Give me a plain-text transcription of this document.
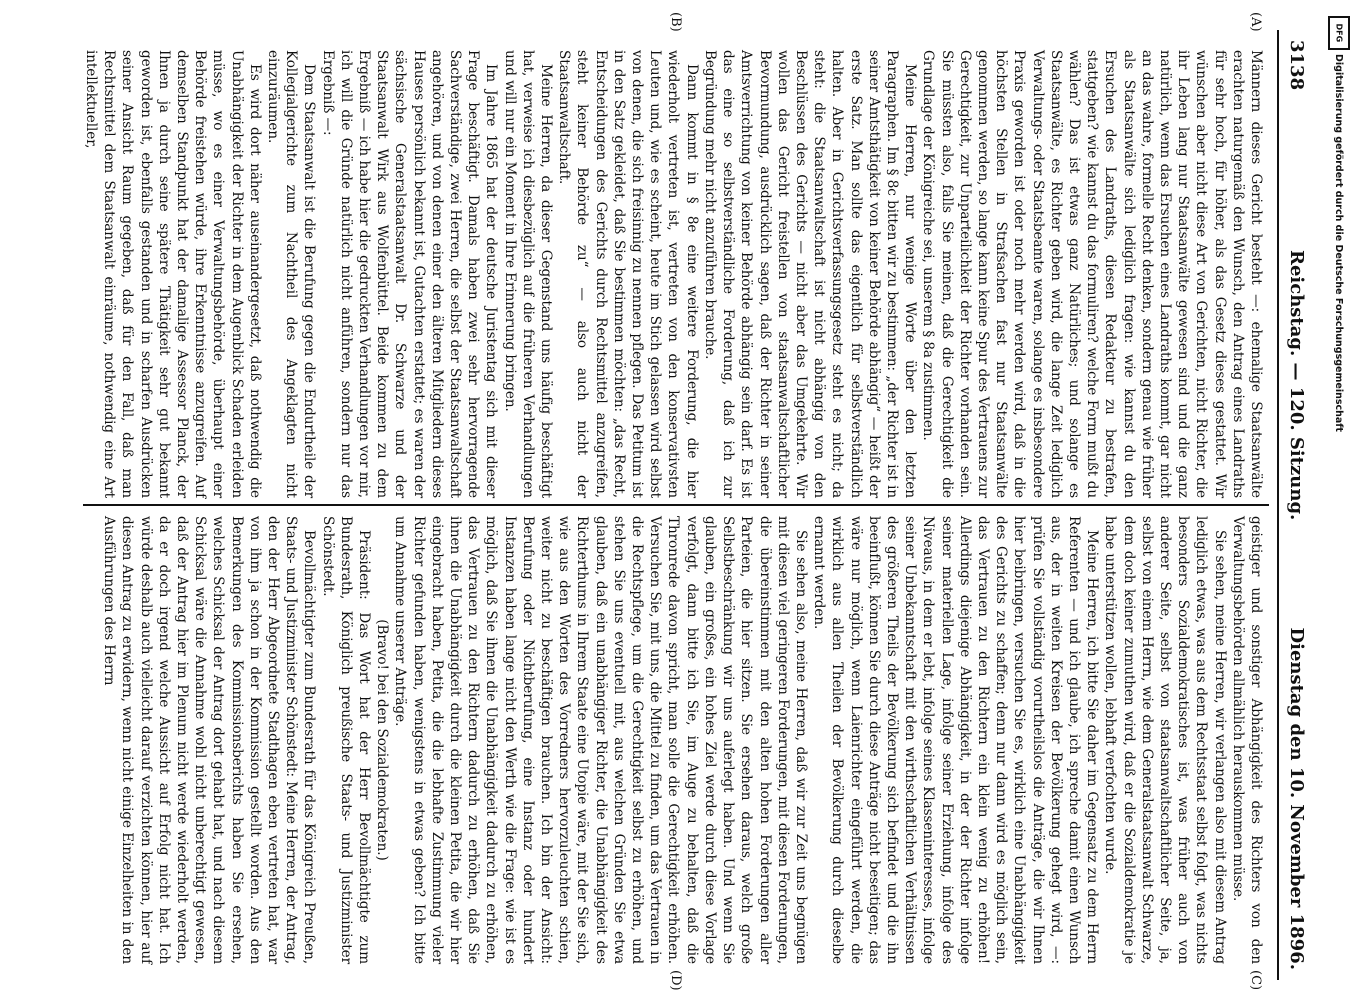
3138
Reichstag. — 120. Sitzung.
Dienstag den 10. November 1896.
(A)
(B)
(C)
(D)

Männern dieses Gericht besteht —: ehemalige Staatsanwälte erachten naturgemäß den Wunsch, den Antrag eines Landraths für sehr hoch, für höher, als das Gesetz dieses gestattet. Wir wünschen aber nicht diese Art von Gerichten, nicht Richter, die ihr Leben lang nur Staatsanwälte gewesen sind und die ganz natürlich, wenn das Ersuchen eines Landraths kommt, gar nicht an das wahre, formelle Recht denken, sondern genau wie früher als Staatsanwälte sich lediglich fragen: wie kannst du den Ersuchen des Landraths, diesen Redakteur zu bestrafen, stattgeben? wie kannst du das formuliren? welche Form mußt du wählen? Das ist etwas ganz Natürliches; und solange es Staatsanwälte, es Richter geben wird, die lange Zeit lediglich Verwaltungs- oder Staatsbeamte waren, solange es insbesondere Praxis geworden ist oder noch mehr werden wird, daß in die höchsten Stellen in Strafsachen fast nur Staatsanwälte genommen werden, so lange kann keine Spur des Vertrauens zur Gerechtigkeit, zur Unparteilichkeit der Richter vorhanden sein. Sie müssten also, falls Sie meinen, daß die Gerechtigkeit die Grundlage der Königreiche sei, unserem § 8a zustimmen.

Meine Herren, nur wenige Worte über den letzten Paragraphen. Im § 8c bitten wir zu bestimmen: „der Richter ist in seiner Amtsthätigkeit von keiner Behörde abhängig“ — heißt der erste Satz. Man sollte das eigentlich für selbstverständlich halten. Aber in Gerichtsverfassungsgesetz steht es nicht; da steht: die Staatsanwaltschaft ist nicht abhängig von den Beschlüssen des Gerichts — nicht aber das Umgekehrte. Wir wollen das Gericht freistellen von staatsanwaltschaftlicher Bevormundung, ausdrücklich sagen, daß der Richter in seiner Amtsverrichtung von keiner Behörde abhängig sein darf. Es ist das eine so selbstverständliche Forderung, daß ich zur Begründung mehr nicht anzuführen brauche.

Dann kommt in § 8e eine weitere Forderung, die hier wiederholt vertreten ist, vertreten von den konservativsten Leuten und, wie es scheint, heute im Stich gelassen wird selbst von denen, die sich freisinnig zu nennen pflegen. Das Petitum ist in den Satz gekleidet, daß Sie bestimmen möchten: „das Recht, Entscheidungen des Gerichts durch Rechtsmittel anzugreifen, steht keiner Behörde zu“ — also auch nicht der Staatsanwaltschaft.

Meine Herren, da dieser Gegenstand uns häufig beschäftigt hat, verweise ich diesbezüglich auf die früheren Verhandlungen und will nur ein Moment in Ihre Erinnerung bringen.

Im Jahre 1865 hat der deutsche Juristentag sich mit dieser Frage beschäftigt. Damals haben zwei sehr hervorragende Sachverständige, zwei Herren, die selbst der Staatsanwaltschaft angehören, und von denen einer den älteren Mitgliedern dieses Hauses persönlich bekannt ist, Gutachten erstattet; es waren der sächsische Generalstaatsanwalt Dr. Schwarze und der Staatsanwalt Wirk aus Wolfenbüttel. Beide kommen zu dem Ergebniß — ich habe hier die gedruckten Verhandlungen vor mir, ich will die Gründe natürlich nicht anführen, sondern nur das Ergebniß —:

Dem Staatsanwalt ist die Berufung gegen die Endurtheile der Kollegialgerichte zum Nachtheil des Angeklagten nicht einzuräumen.

Es wird dort näher auseinandergesetzt, daß nothwendig die Unabhängigkeit der Richter in dem Augenblick Schaden erleiden müsse, wo es einer Verwaltungsbehörde, überhaupt einer Behörde freistehen würde, ihre Erkenntnisse anzugreifen. Auf demselben Standpunkt hat der damalige Assessor Planck, der Ihnen ja durch seine spätere Thätigkeit sehr gut bekannt geworden ist, ebenfalls gestanden und in scharfen Ausdrücken seiner Ansicht Raum gegeben, daß für den Fall, daß man Rechtsmittel dem Staatsanwalt einräume, nothwendig eine Art intellektueller,

geistiger und sonstiger Abhängigkeit des Richters von den Verwaltungsbehörden allmählich herauskommen müsse.

Sie sehen, meine Herren, wir verlangen also mit diesem Antrag lediglich etwas, was aus dem Rechtsstaat selbst folgt, was nichts besonders Sozialdemokratisches ist, was früher auch von anderer Seite, selbst von staatsanwaltschaftlicher Seite, ja, selbst von einem Herrn, wie dem Generalstaatsanwalt Schwarze, dem doch keiner zumuthen wird, daß er die Sozialdemokratie je habe unterstützen wollen, lebhaft verfochten wurde.

Meine Herren, ich bitte Sie daher im Gegensatz zu dem Herrn Referenten — und ich glaube, ich spreche damit einen Wunsch aus, der in weiten Kreisen der Bevölkerung gehegt wird, —: prüfen Sie vollständig vorurtheilslos die Anträge, die wir Ihnen hier beibringen, versuchen Sie es, wirklich eine Unabhängigkeit des Gerichts zu schaffen; denn nur dann wird es möglich sein, das Vertrauen zu den Richtern ein klein wenig zu erhöhen! Allerdings diejenige Abhängigkeit, in der der Richter infolge seiner materiellen Lage, infolge seiner Erziehung, infolge des Niveaus, in dem er lebt, infolge seines Klasseninteresses, infolge seiner Unbekanntschaft mit den wirthschaftlichen Verhältnissen des größeren Theils der Bevölkerung sich befindet und die ihn beeinflußt, können Sie durch diese Anträge nicht beseitigen; das wäre nur möglich, wenn Laienrichter eingeführt werden, die wirklich aus allen Theilen der Bevölkerung durch dieselbe ernannt werden.

Sie sehen also, meine Herren, daß wir zur Zeit uns begnügen mit diesen viel geringeren Forderungen, mit diesen Forderungen, die übereinstimmen mit den alten hohen Forderungen aller Parteien, die hier sitzen. Sie ersehen daraus, welch große Selbstbeschränkung wir uns auferlegt haben. Und wenn Sie glauben, ein großes, ein hohes Ziel werde durch diese Vorlage verfolgt, dann bitte ich Sie, im Auge zu behalten, daß die Thronrede davon spricht, man solle die Gerechtigkeit erhöhen. Versuchen Sie, mit uns, die Mittel zu finden, um das Vertrauen in die Rechtspflege, um die Gerechtigkeit selbst zu erhöhen, und stehen Sie uns eventuell mit, aus welchen Gründen Sie etwa glauben, daß ein unabhängiger Richter, die Unabhängigkeit des Richterthums in Ihrem Staate eine Utopie wäre, mit der Sie sich, wie aus den Worten des Vorredners hervorzuleuchten schien, weiter nicht zu beschäftigen brauchen. Ich bin der Ansicht: Berufung oder Nichtberufung, eine Instanz oder hundert Instanzen haben lange nicht den Werth wie die Frage: wie ist es möglich, daß Sie ihnen die Unabhängigkeit dadurch zu erhöhen, das Vertrauen zu den Richtern dadurch zu erhöhen, daß Sie ihnen die Unabhängigkeit durch die kleinen Petita, die wir hier eingebracht haben, Petita, die die lebhafte Zustimmung vieler Richter gefunden haben, wenigstens in etwas geben? Ich bitte um Annahme unserer Anträge.

(Bravo! bei den Sozialdemokraten.)

Präsident: Das Wort hat der Herr Bevollmächtigte zum Bundesrath, Königlich preußische Staats- und Justizminister Schönstedt.

Bevollmächtigter zum Bundesrath für das Königreich Preußen, Staats- und Justizminister Schönstedt: Meine Herren, der Antrag, den der Herr Abgeordnete Stadthagen eben vertreten hat, war von ihm ja schon in der Kommission gestellt worden. Aus den Bemerkungen des Kommissionsberichts haben Sie ersehen, welches Schicksal der Antrag dort gehabt hat, und nach diesem Schicksal wäre die Annahme wohl nicht unberechtigt gewesen, daß der Antrag hier im Plenum nicht werde wiederholt werden, da er doch irgend welche Aussicht auf Erfolg nicht hat. Ich würde deshalb auch vielleicht darauf verzichten können, hier auf diesen Antrag zu erwidern, wenn nicht einige Einzelheiten in den Ausführungen des Herrn

DFG
Digitalisierung gefördert durch die Deutsche Forschungsgemeinschaft
